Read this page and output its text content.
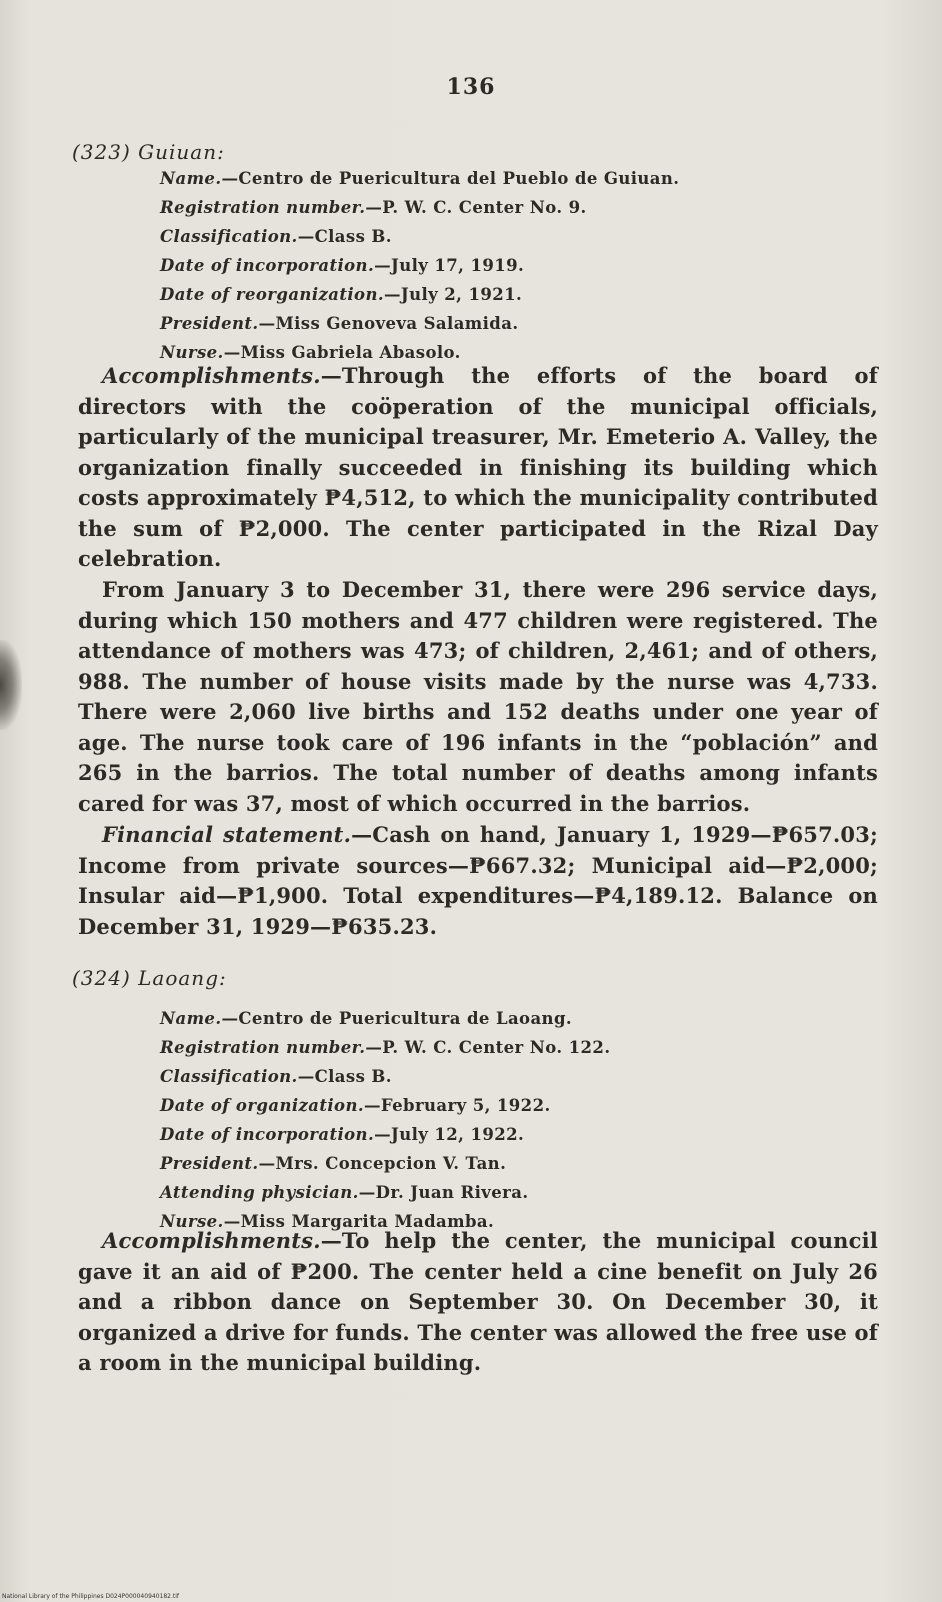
136
(323) Guiuan:
Name.—Centro de Puericultura del Pueblo de Guiuan.
Registration number.—P. W. C. Center No. 9.
Classification.—Class B.
Date of incorporation.—July 17, 1919.
Date of reorganization.—July 2, 1921.
President.—Miss Genoveva Salamida.
Nurse.—Miss Gabriela Abasolo.
Accomplishments.—Through the efforts of the board of directors with the coöperation of the municipal officials, particularly of the municipal treasurer, Mr. Emeterio A. Valley, the organization finally succeeded in finishing its building which costs approximately ₱4,512, to which the municipality contributed the sum of ₱2,000. The center participated in the Rizal Day celebration.
From January 3 to December 31, there were 296 service days, during which 150 mothers and 477 children were registered. The attendance of mothers was 473; of children, 2,461; and of others, 988. The number of house visits made by the nurse was 4,733. There were 2,060 live births and 152 deaths under one year of age. The nurse took care of 196 infants in the “población” and 265 in the barrios. The total number of deaths among infants cared for was 37, most of which occurred in the barrios.
Financial statement.—Cash on hand, January 1, 1929—₱657.03; Income from private sources—₱667.32; Municipal aid—₱2,000; Insular aid—₱1,900. Total expenditures—₱4,189.12. Balance on December 31, 1929—₱635.23.
(324) Laoang:
Name.—Centro de Puericultura de Laoang.
Registration number.—P. W. C. Center No. 122.
Classification.—Class B.
Date of organization.—February 5, 1922.
Date of incorporation.—July 12, 1922.
President.—Mrs. Concepcion V. Tan.
Attending physician.—Dr. Juan Rivera.
Nurse.—Miss Margarita Madamba.
Accomplishments.—To help the center, the municipal council gave it an aid of ₱200. The center held a cine benefit on July 26 and a ribbon dance on September 30. On December 30, it organized a drive for funds. The center was allowed the free use of a room in the municipal building.
National Library of the Philippines D024P000040940182.tif
